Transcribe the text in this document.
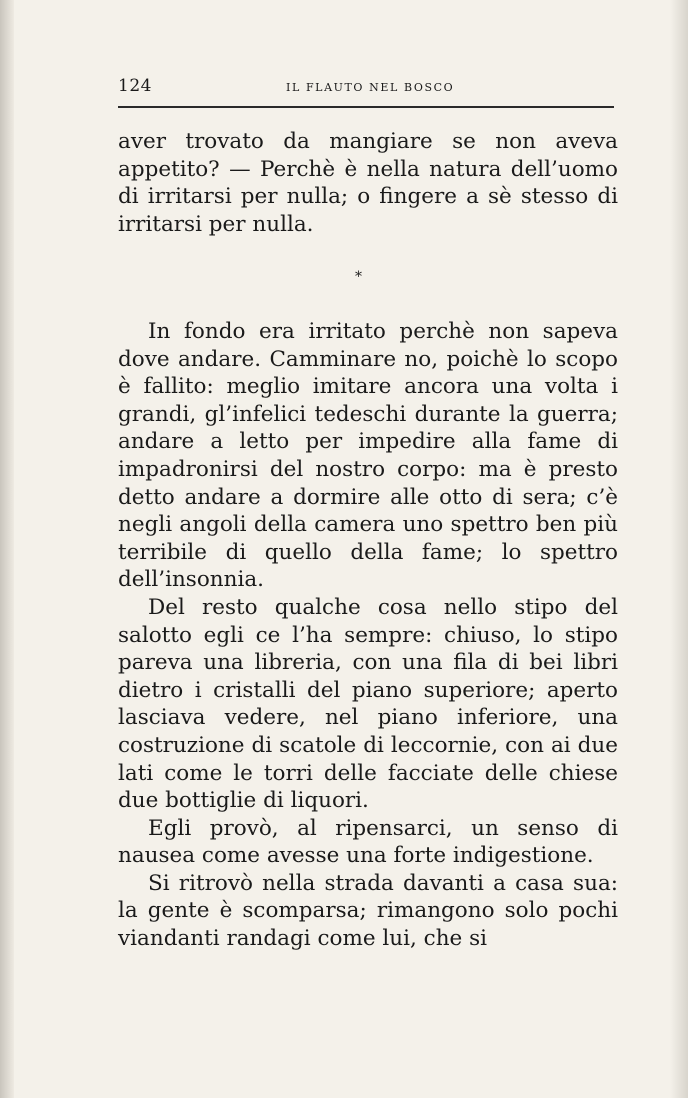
124	IL FLAUTO NEL BOSCO

aver trovato da mangiare se non aveva appetito? — Perchè è nella natura dell’uomo di irritarsi per nulla; o fingere a sè stesso di irritarsi per nulla.

*

In fondo era irritato perchè non sapeva dove andare. Camminare no, poichè lo scopo è fallito: meglio imitare ancora una volta i grandi, gl’infelici tedeschi durante la guerra; andare a letto per impedire alla fame di impadronirsi del nostro corpo: ma è presto detto andare a dormire alle otto di sera; c’è negli angoli della camera uno spettro ben più terribile di quello della fame; lo spettro dell’insonnia.

Del resto qualche cosa nello stipo del salotto egli ce l’ha sempre: chiuso, lo stipo pareva una libreria, con una fila di bei libri dietro i cristalli del piano superiore; aperto lasciava vedere, nel piano inferiore, una costruzione di scatole di leccornie, con ai due lati come le torri delle facciate delle chiese due bottiglie di liquori.

Egli provò, al ripensarci, un senso di nausea come avesse una forte indigestione.

Si ritrovò nella strada davanti a casa sua: la gente è scomparsa; rimangono solo pochi viandanti randagi come lui, che si
